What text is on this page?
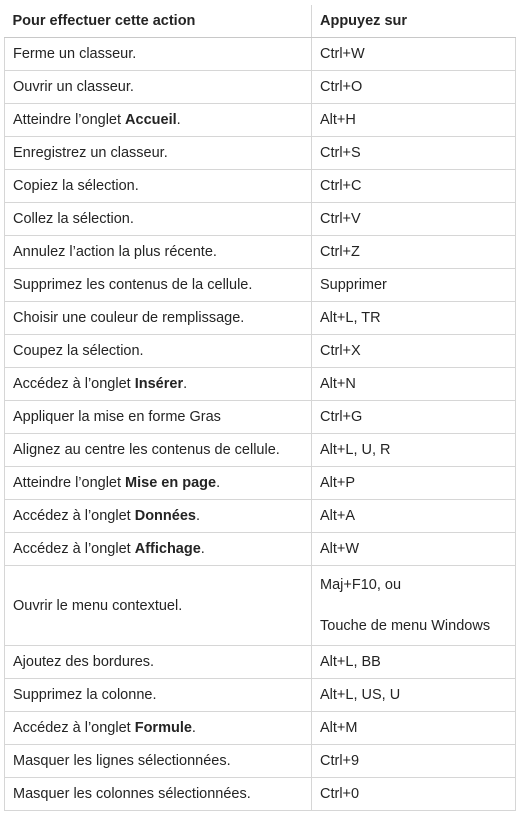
Pour effectuer cette action	Appuyez sur
Ferme un classeur.	Ctrl+W
Ouvrir un classeur.	Ctrl+O
Atteindre l’onglet Accueil.	Alt+H
Enregistrez un classeur.	Ctrl+S
Copiez la sélection.	Ctrl+C
Collez la sélection.	Ctrl+V
Annulez l’action la plus récente.	Ctrl+Z
Supprimez les contenus de la cellule.	Supprimer
Choisir une couleur de remplissage.	Alt+L, TR
Coupez la sélection.	Ctrl+X
Accédez à l’onglet Insérer.	Alt+N
Appliquer la mise en forme Gras	Ctrl+G
Alignez au centre les contenus de cellule.	Alt+L, U, R
Atteindre l’onglet Mise en page.	Alt+P
Accédez à l’onglet Données.	Alt+A
Accédez à l’onglet Affichage.	Alt+W
Ouvrir le menu contextuel.	Maj+F10, ou
Touche de menu Windows

Ajoutez des bordures.	Alt+L, BB
Supprimez la colonne.	Alt+L, US, U
Accédez à l’onglet Formule.	Alt+M
Masquer les lignes sélectionnées.	Ctrl+9
Masquer les colonnes sélectionnées.	Ctrl+0
